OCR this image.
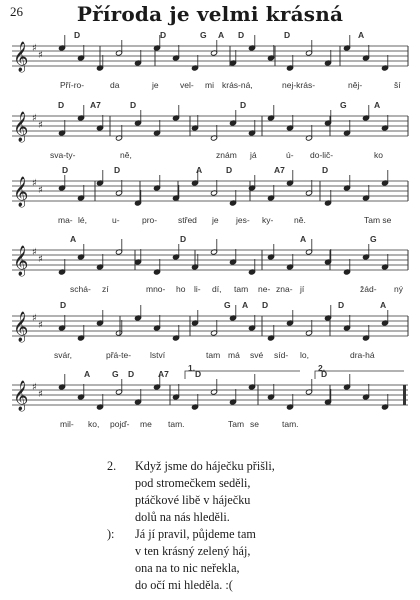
26	Příroda je velmi krásná
𝄞 ♯
♯
D	D	G A D	D	A
Pří-ro-	da	je	vel- mi krás-ná,	nej-krás-	něj-	ší
𝄞 ♯
♯
D	A7	D	D	G	A
sva-ty-	ně,	znám já	ú- do-lič-	ko
𝄞 ♯
♯
D	D	A	D	A7	D
ma- lé,	u-	pro- střed je jes- ky- ně.	Tam se
𝄞 ♯
♯
A	D	A	G
schá- zí	mno- ho li- dí, tam ne- zna- jí	žád- ný
𝄞 ♯
♯
D	G A D	D	A
svár,	přá-te- lství	tam má své síd- lo,	dra-há
𝄞 ♯
♯
A	G D	A7	D	D
1.	2.
mil- ko, pojď- me tam.	Tam se	tam.
2. Když jsme do háječku přišli,
pod stromečkem seděli,
ptáčkové libě v háječku
dolů na nás hleděli.
): Já jí pravil, půjdeme tam
v ten krásný zelený háj,
ona na to nic neřekla,
do očí mi hleděla. :(
